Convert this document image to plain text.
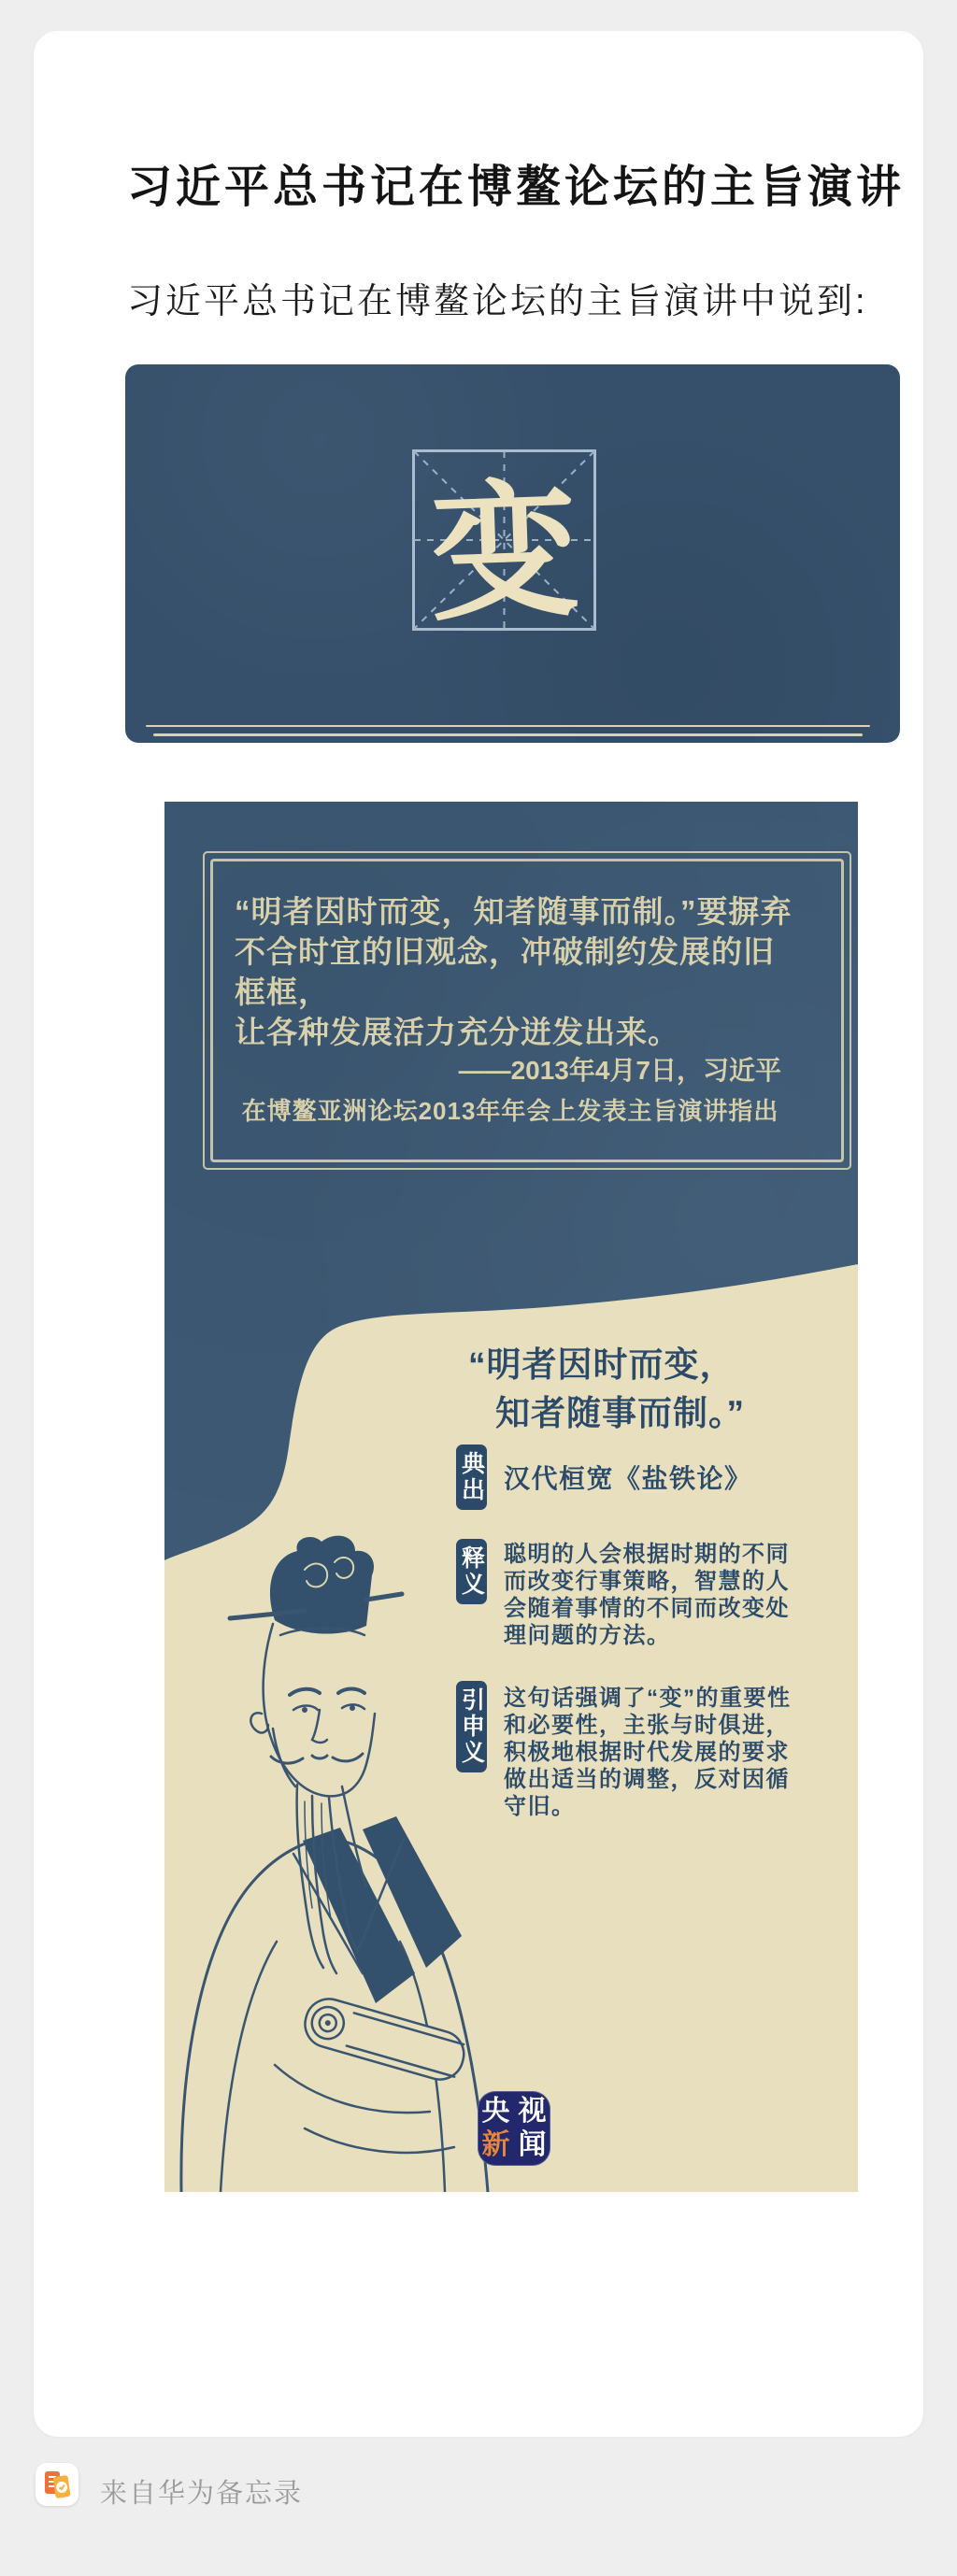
习近平总书记在博鳌论坛的主旨演讲
习近平总书记在博鳌论坛的主旨演讲中说到:
变
“明者因时而变，知者随事而制。”要摒弃
不合时宜的旧观念，冲破制约发展的旧框框，
让各种发展活力充分迸发出来。
——2013年4月7日，习近平
在博鳌亚洲论坛2013年年会上发表主旨演讲指出
“明者因时而变，
知者随事而制。”
典出 汉代桓宽《盐铁论》
释义 聪明的人会根据时期的不同
而改变行事策略，智慧的人
会随着事情的不同而改变处
理问题的方法。
引申义 这句话强调了“变”的重要性
和必要性，主张与时俱进，
积极地根据时代发展的要求
做出适当的调整，反对因循
守旧。
央 视
新 闻
来自华为备忘录
